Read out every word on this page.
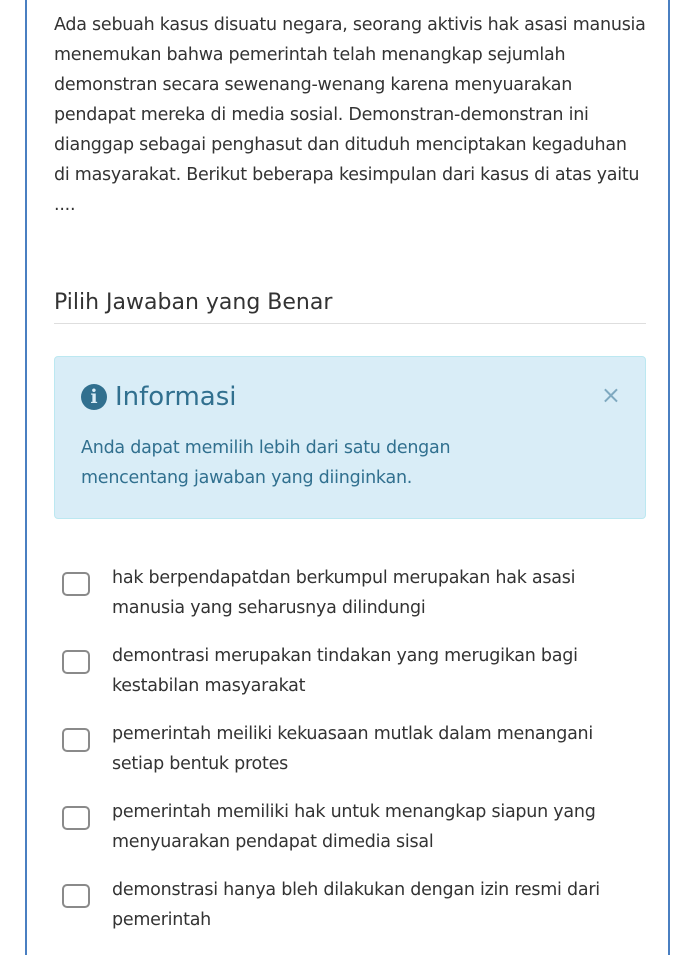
Ada sebuah kasus disuatu negara, seorang aktivis hak asasi manusia menemukan bahwa pemerintah telah menangkap sejumlah demonstran secara sewenang-wenang karena menyuarakan pendapat mereka di media sosial. Demonstran-demonstran ini dianggap sebagai penghasut dan dituduh menciptakan kegaduhan di masyarakat. Berikut beberapa kesimpulan dari kasus di atas yaitu ....

Pilih Jawaban yang Benar
i Informasi	×
Anda dapat memilih lebih dari satu dengan mencentang jawaban yang diinginkan.
hak berpendapatdan berkumpul merupakan hak asasi manusia yang seharusnya dilindungi
demontrasi merupakan tindakan yang merugikan bagi kestabilan masyarakat
pemerintah meiliki kekuasaan mutlak dalam menangani setiap bentuk protes
pemerintah memiliki hak untuk menangkap siapun yang menyuarakan pendapat dimedia sisal
demonstrasi hanya bleh dilakukan dengan izin resmi dari pemerintah
